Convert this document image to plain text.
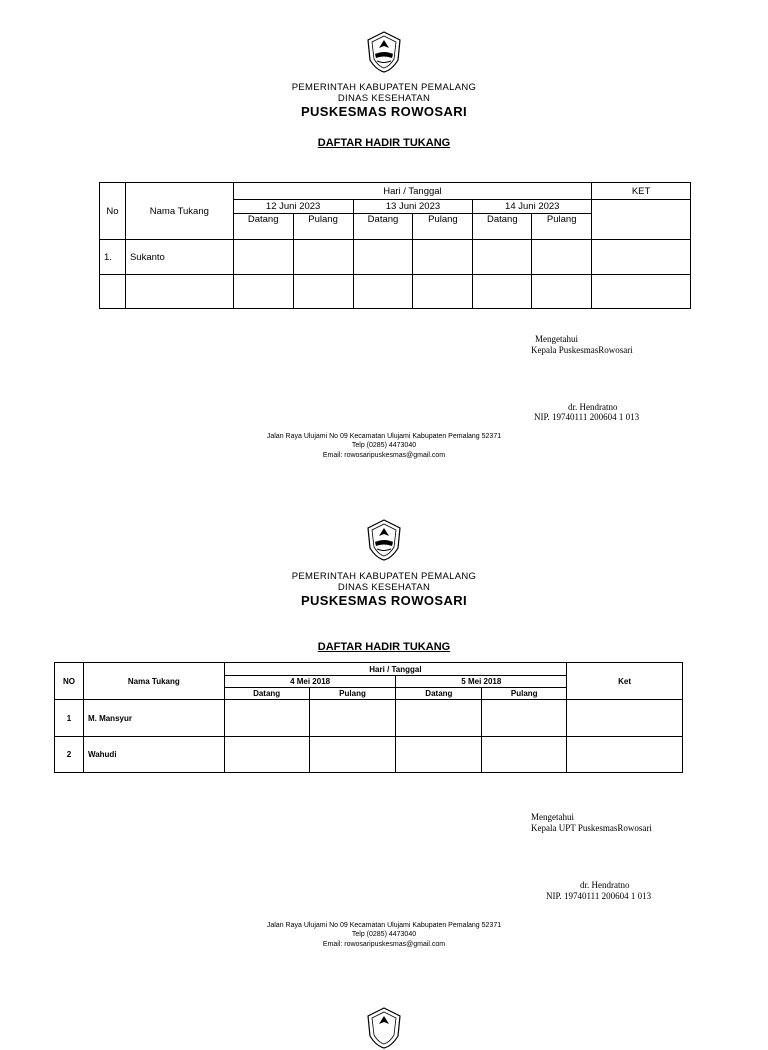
PEMERINTAH KABUPATEN PEMALANG
DINAS KESEHATAN
PUSKESMAS ROWOSARI
DAFTAR HADIR TUKANG
No	Nama Tukang	Hari / Tanggal						KET
		12 Juni 2023		13 Juni 2023		14 Juni 2023		
		Datang	Pulang	Datang	Pulang	Datang	Pulang	
1.	Sukanto							

Mengetahui
Kepala PuskesmasRowosari
dr. Hendratno
NIP. 19740111 200604 1 013
Jalan Raya Ulujami No 09 Kecamatan Ulujami Kabupaten Pemalang 52371
Telp (0285) 4473040
Email: rowosaripuskesmas@gmail.com
PEMERINTAH KABUPATEN PEMALANG
DINAS KESEHATAN
PUSKESMAS ROWOSARI
DAFTAR HADIR TUKANG
NO	Nama Tukang	Hari / Tanggal				Ket
		4 Mei 2018		5 Mei 2018		
		Datang	Pulang	Datang	Pulang	
1	M. Mansyur					
2	Wahudi					
Mengetahui
Kepala UPT PuskesmasRowosari
dr. Hendratno
NIP. 19740111 200604 1 013
Jalan Raya Ulujami No 09 Kecamatan Ulujami Kabupaten Pemalang 52371
Telp (0285) 4473040
Email: rowosaripuskesmas@gmail.com
